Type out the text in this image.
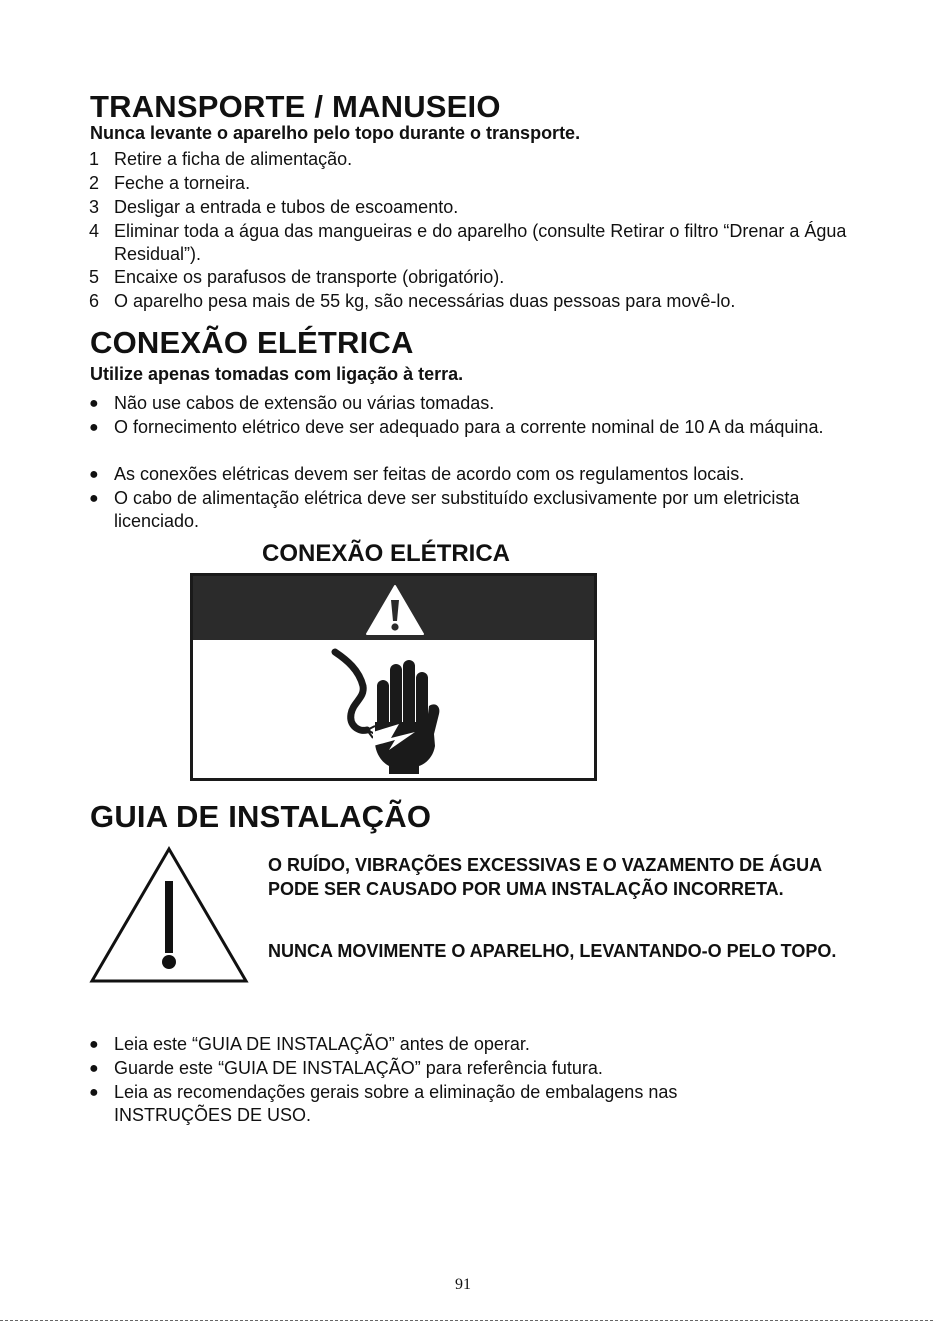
TRANSPORTE / MANUSEIO
Nunca levante o aparelho pelo topo durante o transporte.
1 Retire a ficha de alimentação.
2 Feche a torneira.
3 Desligar a entrada e tubos de escoamento.
4 Eliminar toda a água das mangueiras e do aparelho (consulte Retirar o filtro “Drenar a Água Residual”).
5 Encaixe os parafusos de transporte (obrigatório).
6 O aparelho pesa mais de 55 kg, são necessárias duas pessoas para movê-lo.
CONEXÃO ELÉTRICA
Utilize apenas tomadas com ligação à terra.
● Não use cabos de extensão ou várias tomadas.
● O fornecimento elétrico deve ser adequado para a corrente nominal de 10 A da máquina.
● As conexões elétricas devem ser feitas de acordo com os regulamentos locais.
● O cabo de alimentação elétrica deve ser substituído exclusivamente por um eletricista licenciado.
CONEXÃO ELÉTRICA
GUIA DE INSTALAÇÃO
O RUÍDO, VIBRAÇÕES EXCESSIVAS E O VAZAMENTO DE ÁGUA PODE SER CAUSADO POR UMA INSTALAÇÃO INCORRETA.
NUNCA MOVIMENTE O APARELHO, LEVANTANDO-O PELO TOPO.
● Leia este “GUIA DE INSTALAÇÃO” antes de operar.
● Guarde este “GUIA DE INSTALAÇÃO” para referência futura.
● Leia as recomendações gerais sobre a eliminação de embalagens nas INSTRUÇÕES DE USO.
91
